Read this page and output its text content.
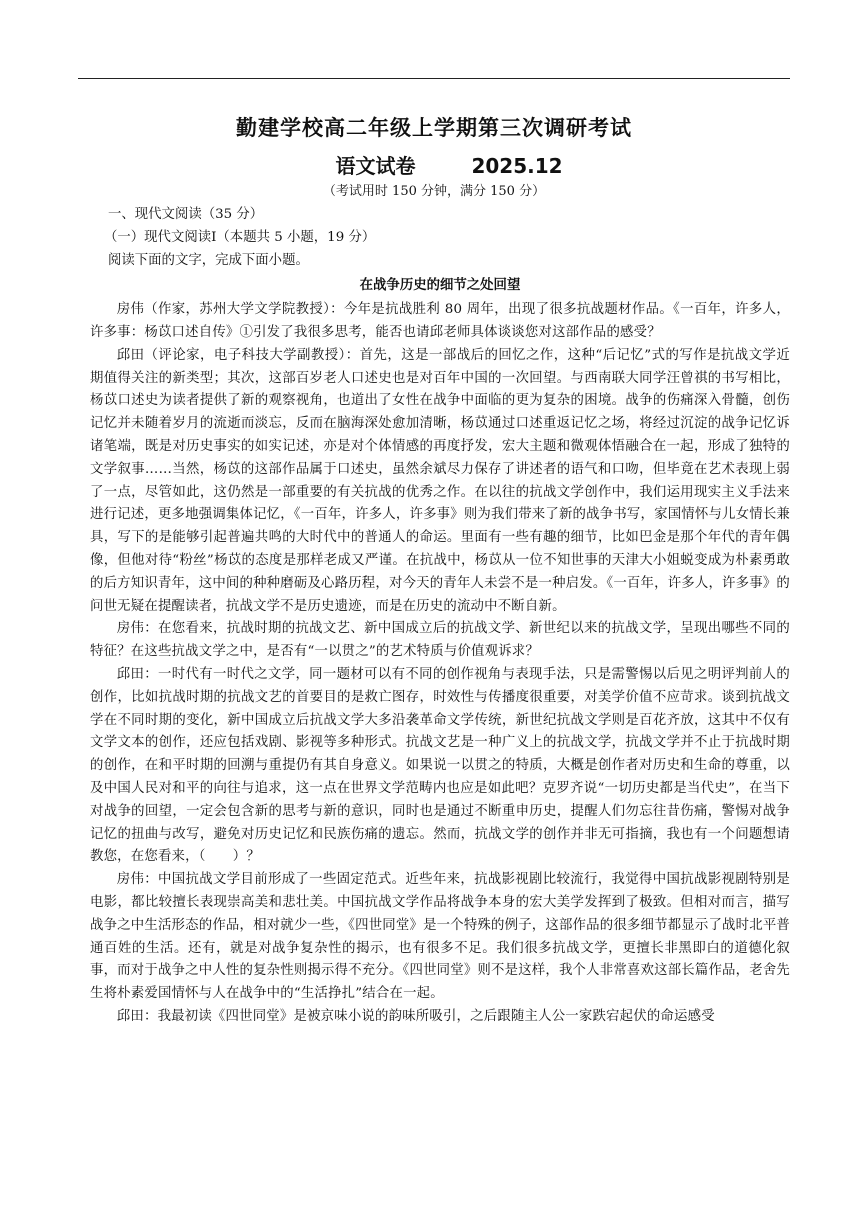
勤建学校高二年级上学期第三次调研考试
语文试卷	2025.12
（考试用时 150 分钟，满分 150 分）

一、现代文阅读（35 分）

（一）现代文阅读Ⅰ（本题共 5 小题，19 分）

阅读下面的文字，完成下面小题。

在战争历史的细节之处回望

房伟（作家，苏州大学文学院教授）：今年是抗战胜利 80 周年，出现了很多抗战题材作品。《一百年，许多人，许多事：杨苡口述自传》①引发了我很多思考，能否也请邱老师具体谈谈您对这部作品的感受？

邱田（评论家，电子科技大学副教授）：首先，这是一部战后的回忆之作，这种“后记忆”式的写作是抗战文学近期值得关注的新类型；其次，这部百岁老人口述史也是对百年中国的一次回望。与西南联大同学汪曾祺的书写相比，杨苡口述史为读者提供了新的观察视角，也道出了女性在战争中面临的更为复杂的困境。战争的伤痛深入骨髓，创伤记忆并未随着岁月的流逝而淡忘，反而在脑海深处愈加清晰，杨苡通过口述重返记忆之场，将经过沉淀的战争记忆诉诸笔端，既是对历史事实的如实记述，亦是对个体情感的再度抒发，宏大主题和微观体悟融合在一起，形成了独特的文学叙事……当然，杨苡的这部作品属于口述史，虽然余斌尽力保存了讲述者的语气和口吻，但毕竟在艺术表现上弱了一点，尽管如此，这仍然是一部重要的有关抗战的优秀之作。在以往的抗战文学创作中，我们运用现实主义手法来进行记述，更多地强调集体记忆，《一百年，许多人，许多事》则为我们带来了新的战争书写，家国情怀与儿女情长兼具，写下的是能够引起普遍共鸣的大时代中的普通人的命运。里面有一些有趣的细节，比如巴金是那个年代的青年偶像，但他对待“粉丝”杨苡的态度是那样老成又严谨。在抗战中，杨苡从一位不知世事的天津大小姐蜕变成为朴素勇敢的后方知识青年，这中间的种种磨砺及心路历程，对今天的青年人未尝不是一种启发。《一百年，许多人，许多事》的问世无疑在提醒读者，抗战文学不是历史遗迹，而是在历史的流动中不断自新。

房伟：在您看来，抗战时期的抗战文艺、新中国成立后的抗战文学、新世纪以来的抗战文学，呈现出哪些不同的特征？在这些抗战文学之中，是否有“一以贯之”的艺术特质与价值观诉求？

邱田：一时代有一时代之文学，同一题材可以有不同的创作视角与表现手法，只是需警惕以后见之明评判前人的创作，比如抗战时期的抗战文艺的首要目的是救亡图存，时效性与传播度很重要，对美学价值不应苛求。谈到抗战文学在不同时期的变化，新中国成立后抗战文学大多沿袭革命文学传统，新世纪抗战文学则是百花齐放，这其中不仅有文学文本的创作，还应包括戏剧、影视等多种形式。抗战文艺是一种广义上的抗战文学，抗战文学并不止于抗战时期的创作，在和平时期的回溯与重提仍有其自身意义。如果说一以贯之的特质，大概是创作者对历史和生命的尊重，以及中国人民对和平的向往与追求，这一点在世界文学范畴内也应是如此吧？克罗齐说“一切历史都是当代史”，在当下对战争的回望，一定会包含新的思考与新的意识，同时也是通过不断重申历史，提醒人们勿忘往昔伤痛，警惕对战争记忆的扭曲与改写，避免对历史记忆和民族伤痛的遗忘。然而，抗战文学的创作并非无可指摘，我也有一个问题想请教您，在您看来，（　　）？

房伟：中国抗战文学目前形成了一些固定范式。近些年来，抗战影视剧比较流行，我觉得中国抗战影视剧特别是电影，都比较擅长表现崇高美和悲壮美。中国抗战文学作品将战争本身的宏大美学发挥到了极致。但相对而言，描写战争之中生活形态的作品，相对就少一些，《四世同堂》是一个特殊的例子，这部作品的很多细节都显示了战时北平普通百姓的生活。还有，就是对战争复杂性的揭示，也有很多不足。我们很多抗战文学，更擅长非黑即白的道德化叙事，而对于战争之中人性的复杂性则揭示得不充分。《四世同堂》则不是这样，我个人非常喜欢这部长篇作品，老舍先生将朴素爱国情怀与人在战争中的“生活挣扎”结合在一起。

邱田：我最初读《四世同堂》是被京味小说的韵味所吸引，之后跟随主人公一家跌宕起伏的命运感受
